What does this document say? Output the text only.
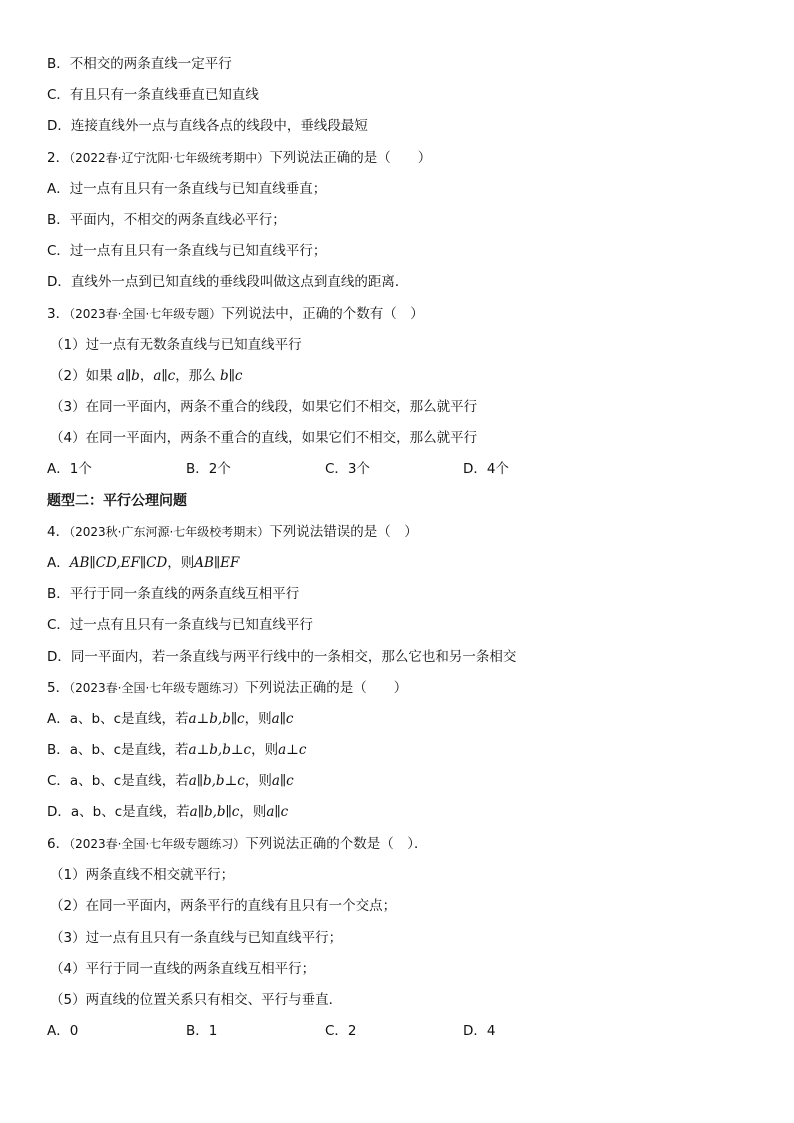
B．不相交的两条直线一定平行
C．有且只有一条直线垂直已知直线
D．连接直线外一点与直线各点的线段中，垂线段最短
2．（2022春·辽宁沈阳·七年级统考期中）下列说法正确的是（　　）
A．过一点有且只有一条直线与已知直线垂直；
B．平面内，不相交的两条直线必平行；
C．过一点有且只有一条直线与已知直线平行；
D．直线外一点到已知直线的垂线段叫做这点到直线的距离．
3．（2023春·全国·七年级专题）下列说法中，正确的个数有（　）
（1）过一点有无数条直线与已知直线平行
（2）如果 a∥b，a∥c，那么 b∥c
（3）在同一平面内，两条不重合的线段，如果它们不相交，那么就平行
（4）在同一平面内，两条不重合的直线，如果它们不相交，那么就平行
A．1个	B．2个	C．3个	D．4个
题型二：平行公理问题
4．（2023秋·广东河源·七年级校考期末）下列说法错误的是（　）
A．AB∥CD,EF∥CD，则AB∥EF
B．平行于同一条直线的两条直线互相平行
C．过一点有且只有一条直线与已知直线平行
D．同一平面内，若一条直线与两平行线中的一条相交，那么它也和另一条相交
5．（2023春·全国·七年级专题练习）下列说法正确的是（　　）
A．a、b、c是直线，若a⊥b,b∥c，则a∥c
B．a、b、c是直线，若a⊥b,b⊥c，则a⊥c
C．a、b、c是直线，若a∥b,b⊥c，则a∥c
D．a、b、c是直线，若a∥b,b∥c，则a∥c
6．（2023春·全国·七年级专题练习）下列说法正确的个数是（　）．
（1）两条直线不相交就平行；
（2）在同一平面内，两条平行的直线有且只有一个交点；
（3）过一点有且只有一条直线与已知直线平行；
（4）平行于同一直线的两条直线互相平行；
（5）两直线的位置关系只有相交、平行与垂直．
A．0	B．1	C．2	D．4
